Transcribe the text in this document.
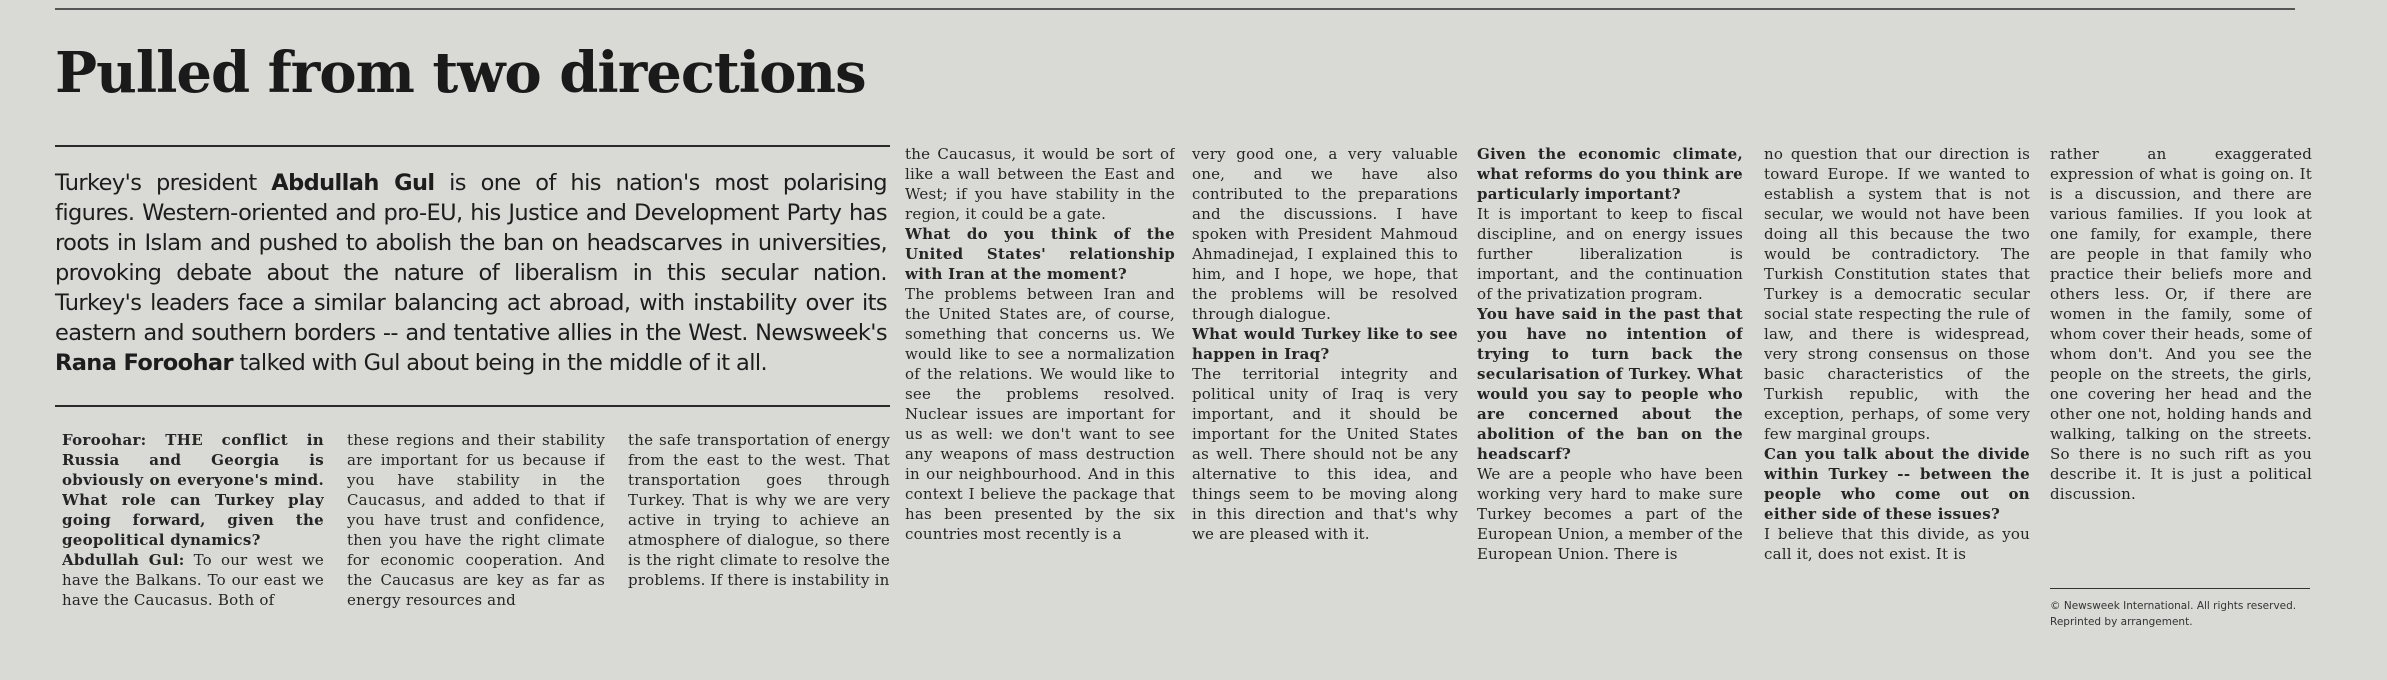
Pulled from two directions
Turkey's president Abdullah Gul is one of his nation's most polarising figures. Western-oriented and pro-EU, his Justice and Development Party has roots in Islam and pushed to abolish the ban on headscarves in universities, provoking debate about the nature of liberalism in this secular nation. Turkey's leaders face a similar balancing act abroad, with instability over its eastern and southern borders -- and tentative allies in the West. Newsweek's Rana Foroohar talked with Gul about being in the middle of it all.

Foroohar: THE conflict in Russia and Georgia is obviously on everyone's mind. What role can Turkey play going forward, given the geopolitical dynamics?

Abdullah Gul: To our west we have the Balkans. To our east we have the Caucasus. Both of

these regions and their stability are important for us because if you have stability in the Caucasus, and added to that if you have trust and confidence, then you have the right climate for economic cooperation. And the Caucasus are key as far as energy resources and

the safe transportation of energy from the east to the west. That transportation goes through Turkey. That is why we are very active in trying to achieve an atmosphere of dialogue, so there is the right climate to resolve the problems. If there is instability in

the Caucasus, it would be sort of like a wall between the East and West; if you have stability in the region, it could be a gate.

What do you think of the United States' relationship with Iran at the moment?

The problems between Iran and the United States are, of course, something that concerns us. We would like to see a normalization of the relations. We would like to see the problems resolved. Nuclear issues are important for us as well: we don't want to see any weapons of mass destruction in our neighbourhood. And in this context I believe the package that has been presented by the six countries most recently is a

very good one, a very valuable one, and we have also contributed to the preparations and the discussions. I have spoken with President Mahmoud Ahmadinejad, I explained this to him, and I hope, we hope, that the problems will be resolved through dialogue.

What would Turkey like to see happen in Iraq?

The territorial integrity and political unity of Iraq is very important, and it should be important for the United States as well. There should not be any alternative to this idea, and things seem to be moving along in this direction and that's why we are pleased with it.

Given the economic climate, what reforms do you think are particularly important?

It is important to keep to fiscal discipline, and on energy issues further liberalization is important, and the continuation of the privatization program.

You have said in the past that you have no intention of trying to turn back the secularisation of Turkey. What would you say to people who are concerned about the abolition of the ban on the headscarf?

We are a people who have been working very hard to make sure Turkey becomes a part of the European Union, a member of the European Union. There is

no question that our direction is toward Europe. If we wanted to establish a system that is not secular, we would not have been doing all this because the two would be contradictory. The Turkish Constitution states that Turkey is a democratic secular social state respecting the rule of law, and there is widespread, very strong consensus on those basic characteristics of the Turkish republic, with the exception, perhaps, of some very few marginal groups.

Can you talk about the divide within Turkey -- between the people who come out on either side of these issues?

I believe that this divide, as you call it, does not exist. It is

rather an exaggerated expression of what is going on. It is a discussion, and there are various families. If you look at one family, for example, there are people in that family who practice their beliefs more and others less. Or, if there are women in the family, some of whom cover their heads, some of whom don't. And you see the people on the streets, the girls, one covering her head and the other one not, holding hands and walking, talking on the streets. So there is no such rift as you describe it. It is just a political discussion.

© Newsweek International. All rights reserved.
Reprinted by arrangement.
